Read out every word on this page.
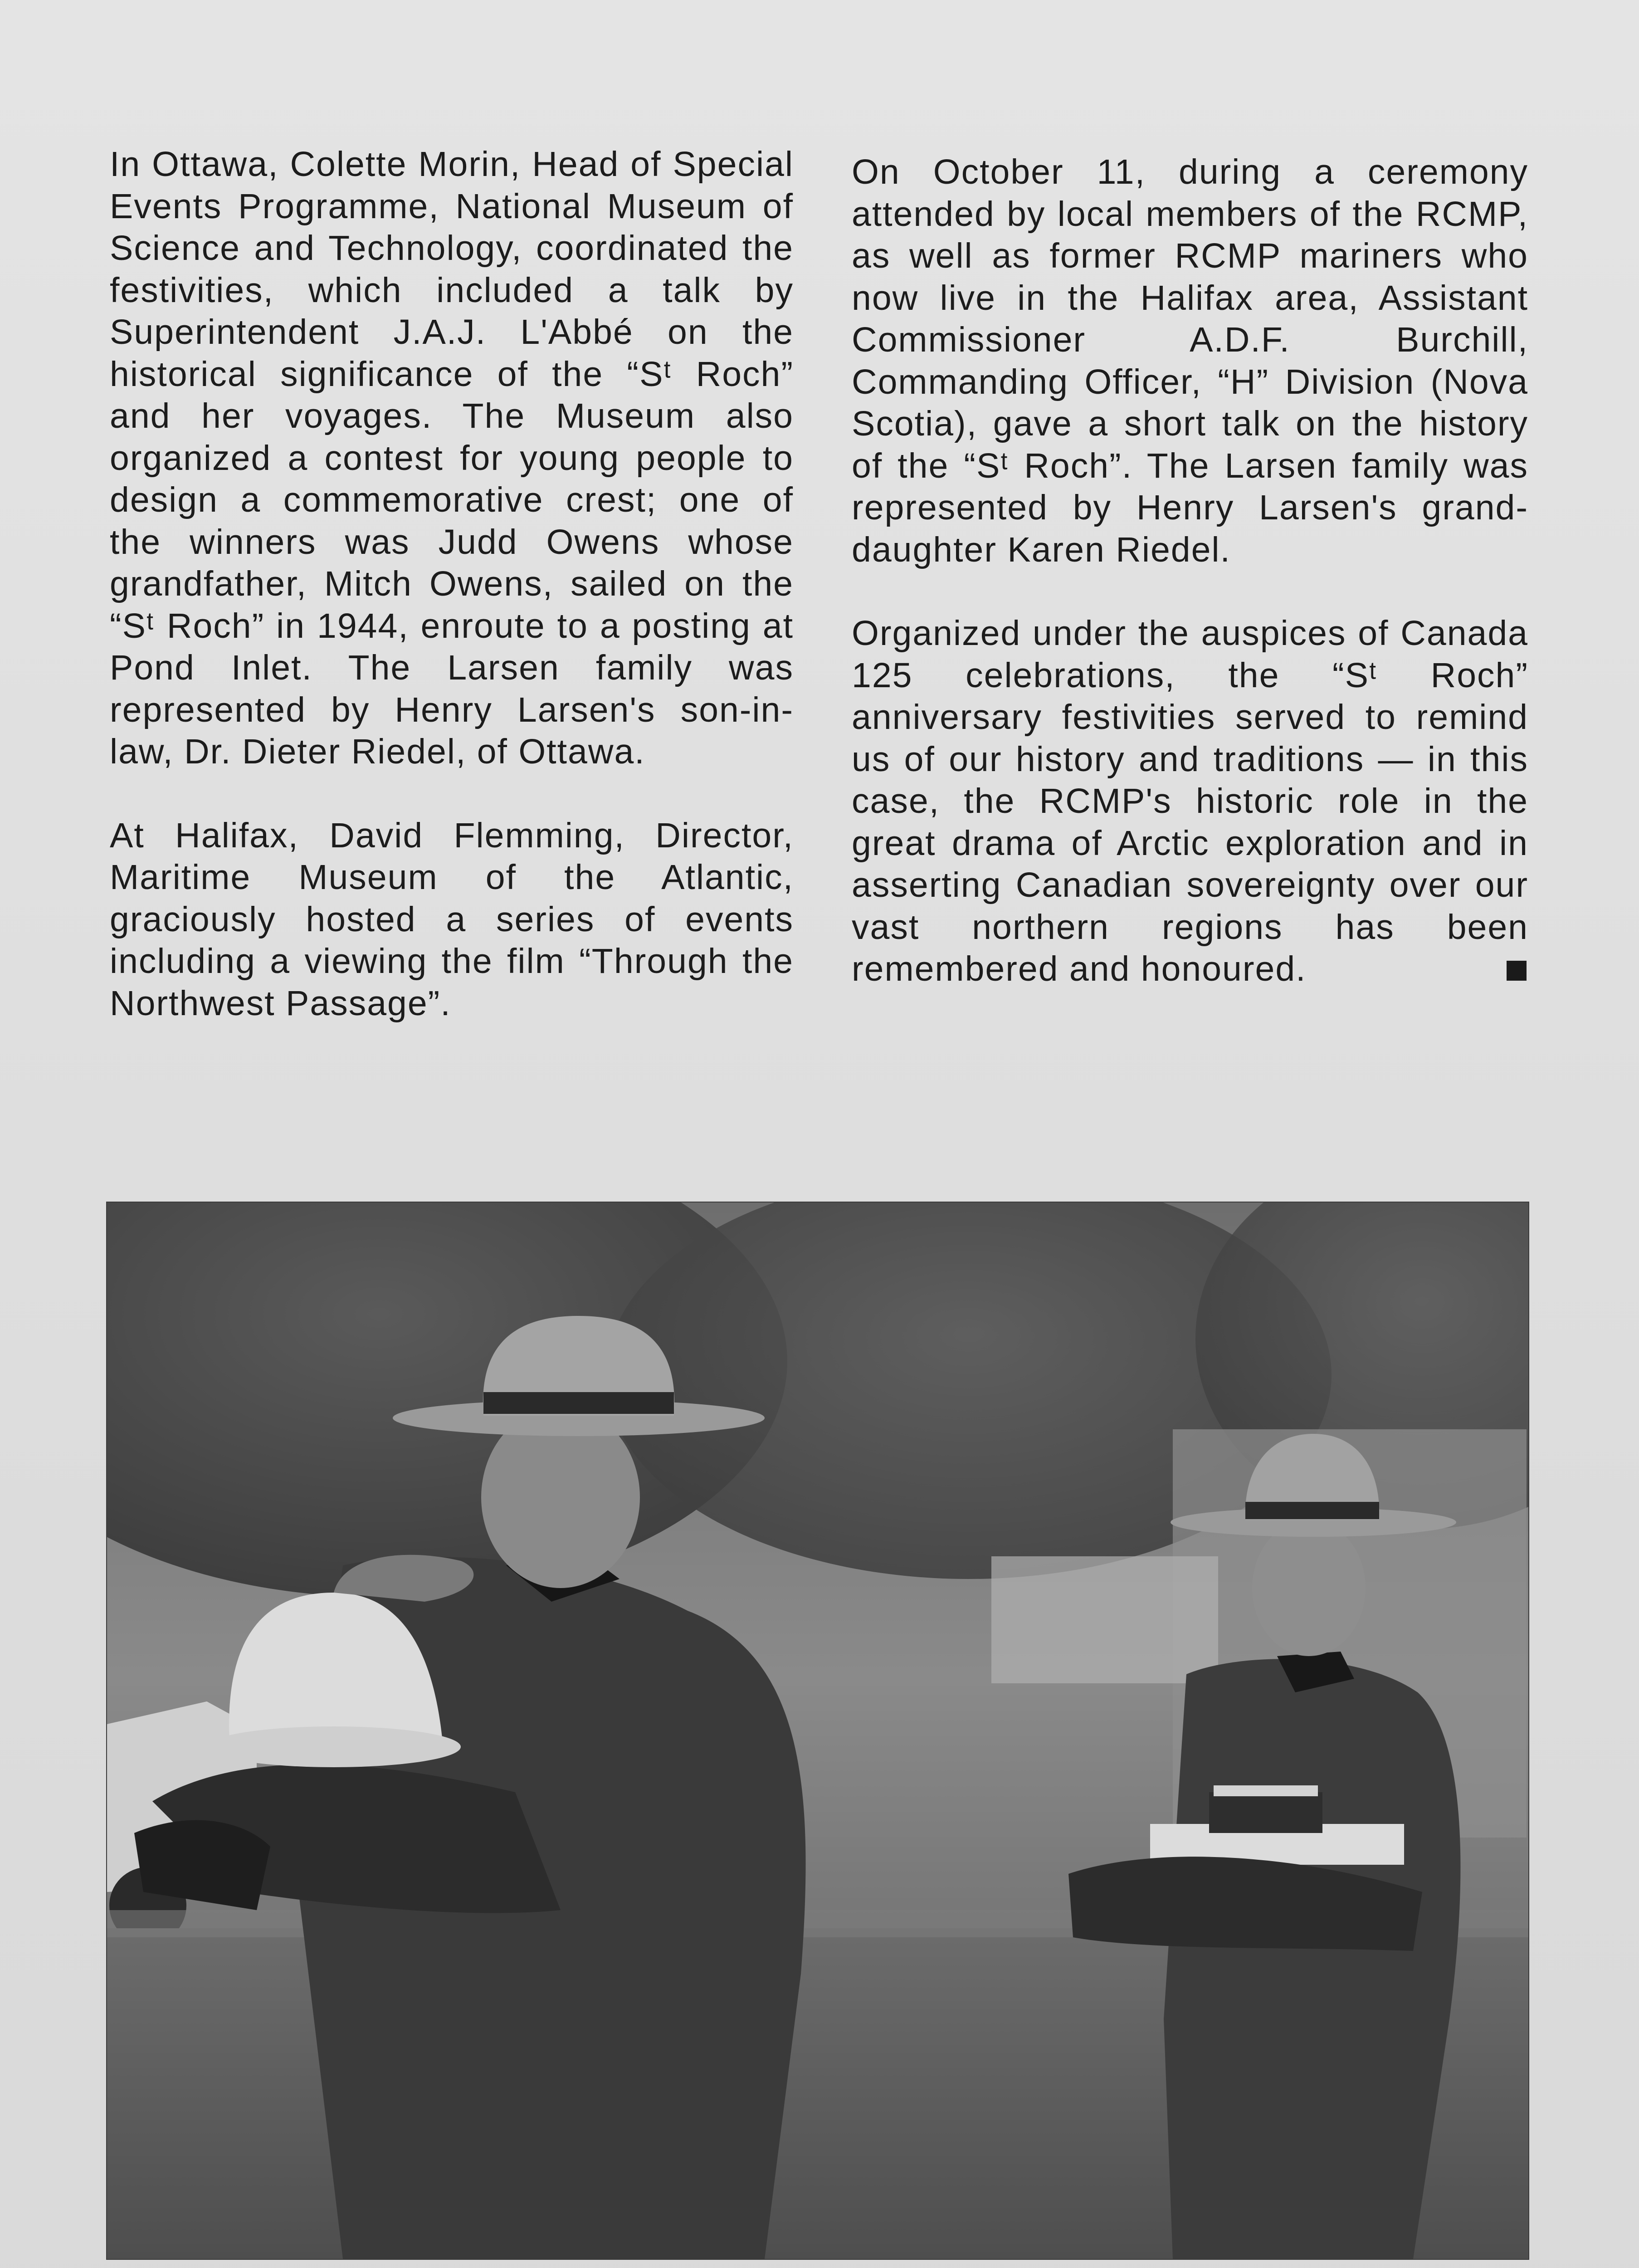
In Ottawa, Colette Morin, Head of Special Events Programme, National Museum of Science and Technology, coordinated the festivities, which included a talk by Superintendent J.A.J. L'Abbé on the historical significance of the “Sᵗ Roch” and her voyages. The Museum also organized a contest for young people to design a commemorative crest; one of the winners was Judd Owens whose grandfather, Mitch Owens, sailed on the “Sᵗ Roch” in 1944, enroute to a posting at Pond Inlet. The Larsen family was represented by Henry Larsen's son-in-law, Dr. Dieter Riedel, of Ottawa.

At Halifax, David Flemming, Director, Maritime Museum of the Atlantic, graciously hosted a series of events including a viewing the film “Through the Northwest Passage”.

On October 11, during a ceremony attended by local members of the RCMP, as well as former RCMP mariners who now live in the Halifax area, Assistant Commissioner A.D.F. Burchill, Commanding Officer, “H” Division (Nova Scotia), gave a short talk on the history of the “Sᵗ Roch”. The Larsen family was represented by Henry Larsen's grand-daughter Karen Riedel.

Organized under the auspices of Canada 125 celebrations, the “Sᵗ Roch” anniversary festivities served to remind us of our history and traditions — in this case, the RCMP's historic role in the great drama of Arctic exploration and in asserting Canadian sovereignty over our vast northern regions has been remembered and honoured.
